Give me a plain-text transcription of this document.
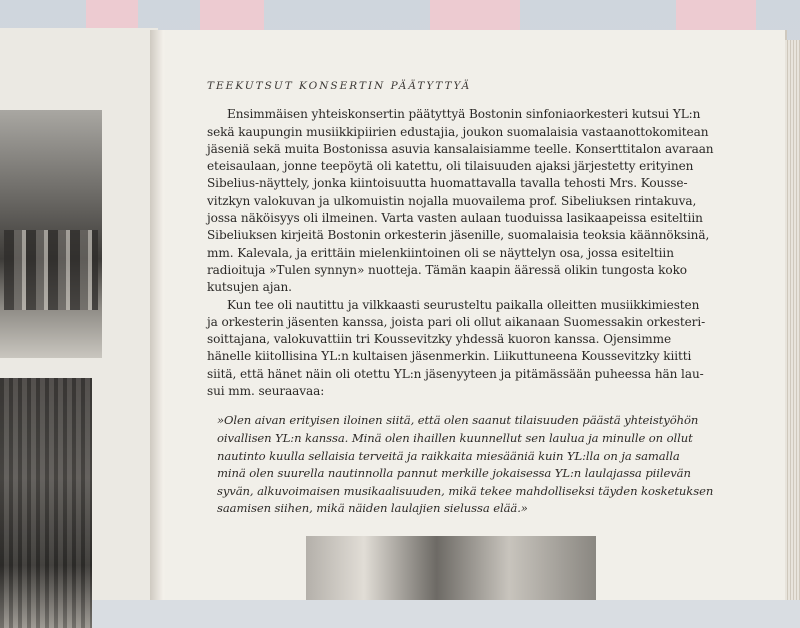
TEEKUTSUT KONSERTIN PÄÄTYTTYÄ

Ensimmäisen yhteiskonsertin päätyttyä Bostonin sinfoniaorkesteri kutsui YL:n
sekä kaupungin musiikkipiirien edustajia, joukon suomalaisia vastaanottokomitean
jäseniä sekä muita Bostonissa asuvia kansalaisiamme teelle. Konserttitalon avaraan
eteisaulaan, jonne teepöytä oli katettu, oli tilaisuuden ajaksi järjestetty erityinen
Sibelius-näyttely, jonka kiintoisuutta huomattavalla tavalla tehosti Mrs. Kousse-
vitzkyn valokuvan ja ulkomuistin nojalla muovailema prof. Sibeliuksen rintakuva,
jossa näköisyys oli ilmeinen. Varta vasten aulaan tuoduissa lasikaapeissa esiteltiin
Sibeliuksen kirjeitä Bostonin orkesterin jäsenille, suomalaisia teoksia käännöksinä,
mm. Kalevala, ja erittäin mielenkiintoinen oli se näyttelyn osa, jossa esiteltiin
radioituja »Tulen synnyn» nuotteja. Tämän kaapin ääressä olikin tungosta koko
kutsujen ajan.

Kun tee oli nautittu ja vilkkaasti seurusteltu paikalla olleitten musiikkimiesten
ja orkesterin jäsenten kanssa, joista pari oli ollut aikanaan Suomessakin orkesteri-
soittajana, valokuvattiin tri Koussevitzky yhdessä kuoron kanssa. Ojensimme
hänelle kiitollisina YL:n kultaisen jäsenmerkin. Liikuttuneena Koussevitzky kiitti
siitä, että hänet näin oli otettu YL:n jäsenyyteen ja pitämässään puheessa hän lau-
sui mm. seuraavaa:

»Olen aivan erityisen iloinen siitä, että olen saanut tilaisuuden päästä yhteistyöhön
oivallisen YL:n kanssa. Minä olen ihaillen kuunnellut sen laulua ja minulle on ollut
nautinto kuulla sellaisia terveitä ja raikkaita miesääniä kuin YL:lla on ja samalla
minä olen suurella nautinnolla pannut merkille jokaisessa YL:n laulajassa piilevän
syvän, alkuvoimaisen musikaalisuuden, mikä tekee mahdolliseksi täyden kosketuksen
saamisen siihen, mikä näiden laulajien sielussa elää.»
